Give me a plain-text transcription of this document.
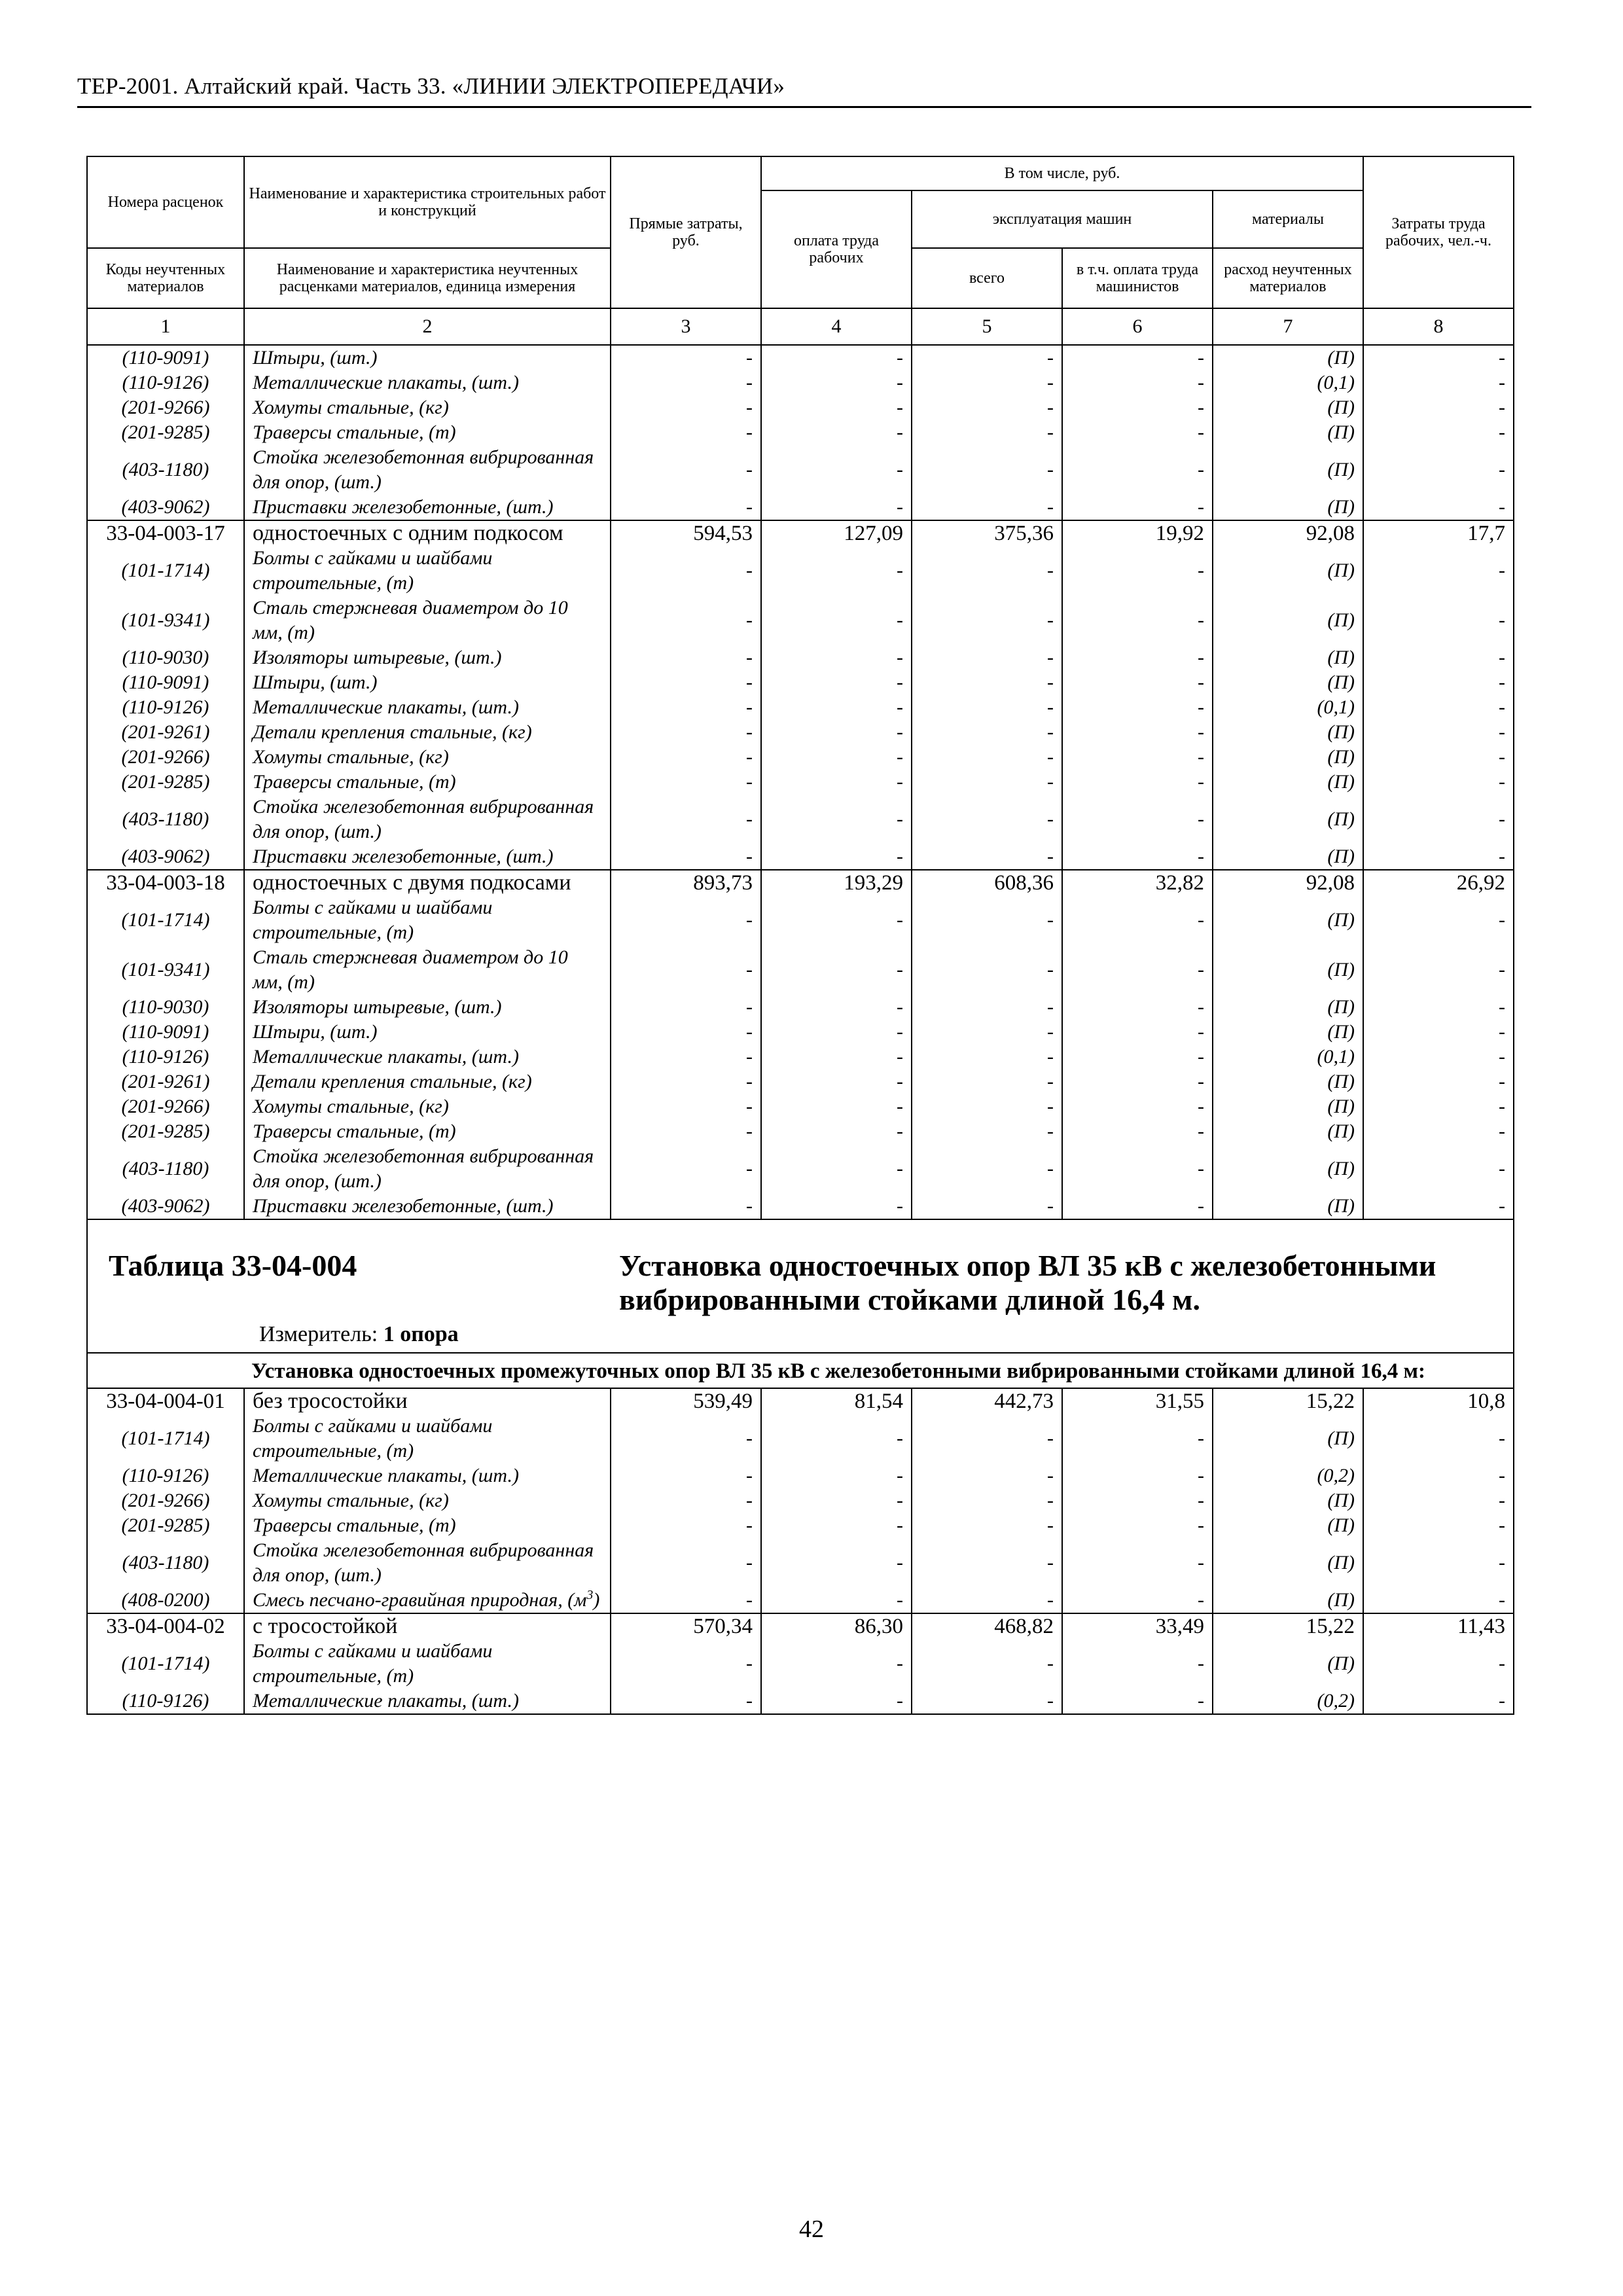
ТЕР-2001. Алтайский край. Часть 33. «ЛИНИИ ЭЛЕКТРОПЕРЕДАЧИ»
Номера расценок	Наименование и характеристика строительных работ и конструкций	Прямые затраты, руб.	В том числе, руб.				Затраты труда рабочих, чел.-ч.
			оплата труда рабочих	эксплуатация машин		материалы	
Коды неучтенных материалов	Наименование и характеристика неучтенных расценками материалов, единица измерения			всего	в т.ч. оплата труда машинистов	расход неучтенных материалов	
1	2	3	4	5	6	7	8
(110-9091)	Штыри, (шт.)	-	-	-	-	(П)	-
(110-9126)	Металлические плакаты, (шт.)	-	-	-	-	(0,1)	-
(201-9266)	Хомуты стальные, (кг)	-	-	-	-	(П)	-
(201-9285)	Траверсы стальные, (т)	-	-	-	-	(П)	-
(403-1180)	Стойка железобетонная вибрированная для опор, (шт.)	-	-	-	-	(П)	-
(403-9062)	Приставки железобетонные, (шт.)	-	-	-	-	(П)	-
33-04-003-17	одностоечных с одним подкосом	594,53	127,09	375,36	19,92	92,08	17,7
(101-1714)	Болты с гайками и шайбами строительные, (т)	-	-	-	-	(П)	-
(101-9341)	Сталь стержневая диаметром до 10 мм, (т)	-	-	-	-	(П)	-
(110-9030)	Изоляторы штыревые, (шт.)	-	-	-	-	(П)	-
(110-9091)	Штыри, (шт.)	-	-	-	-	(П)	-
(110-9126)	Металлические плакаты, (шт.)	-	-	-	-	(0,1)	-
(201-9261)	Детали крепления стальные, (кг)	-	-	-	-	(П)	-
(201-9266)	Хомуты стальные, (кг)	-	-	-	-	(П)	-
(201-9285)	Траверсы стальные, (т)	-	-	-	-	(П)	-
(403-1180)	Стойка железобетонная вибрированная для опор, (шт.)	-	-	-	-	(П)	-
(403-9062)	Приставки железобетонные, (шт.)	-	-	-	-	(П)	-
33-04-003-18	одностоечных с двумя подкосами	893,73	193,29	608,36	32,82	92,08	26,92
(101-1714)	Болты с гайками и шайбами строительные, (т)	-	-	-	-	(П)	-
(101-9341)	Сталь стержневая диаметром до 10 мм, (т)	-	-	-	-	(П)	-
(110-9030)	Изоляторы штыревые, (шт.)	-	-	-	-	(П)	-
(110-9091)	Штыри, (шт.)	-	-	-	-	(П)	-
(110-9126)	Металлические плакаты, (шт.)	-	-	-	-	(0,1)	-
(201-9261)	Детали крепления стальные, (кг)	-	-	-	-	(П)	-
(201-9266)	Хомуты стальные, (кг)	-	-	-	-	(П)	-
(201-9285)	Траверсы стальные, (т)	-	-	-	-	(П)	-
(403-1180)	Стойка железобетонная вибрированная для опор, (шт.)	-	-	-	-	(П)	-
(403-9062)	Приставки железобетонные, (шт.)	-	-	-	-	(П)	-

Таблица 33-04-004 Установка одностоечных опор ВЛ 35 кВ с железобетонными вибрированными стойками длиной 16,4 м.							

Измеритель: 1 опора							

Установка одностоечных промежуточных опор ВЛ 35 кВ с железобетонными вибрированными стойками длиной 16,4 м:							
33-04-004-01	без тросостойки	539,49	81,54	442,73	31,55	15,22	10,8
(101-1714)	Болты с гайками и шайбами строительные, (т)	-	-	-	-	(П)	-
(110-9126)	Металлические плакаты, (шт.)	-	-	-	-	(0,2)	-
(201-9266)	Хомуты стальные, (кг)	-	-	-	-	(П)	-
(201-9285)	Траверсы стальные, (т)	-	-	-	-	(П)	-
(403-1180)	Стойка железобетонная вибрированная для опор, (шт.)	-	-	-	-	(П)	-
(408-0200)	Смесь песчано-гравийная природная, $(м^3)$	-	-	-	-	(П)	-
33-04-004-02	с тросостойкой	570,34	86,30	468,82	33,49	15,22	11,43
(101-1714)	Болты с гайками и шайбами строительные, (т)	-	-	-	-	(П)	-
(110-9126)	Металлические плакаты, (шт.)	-	-	-	-	(0,2)	-
42
